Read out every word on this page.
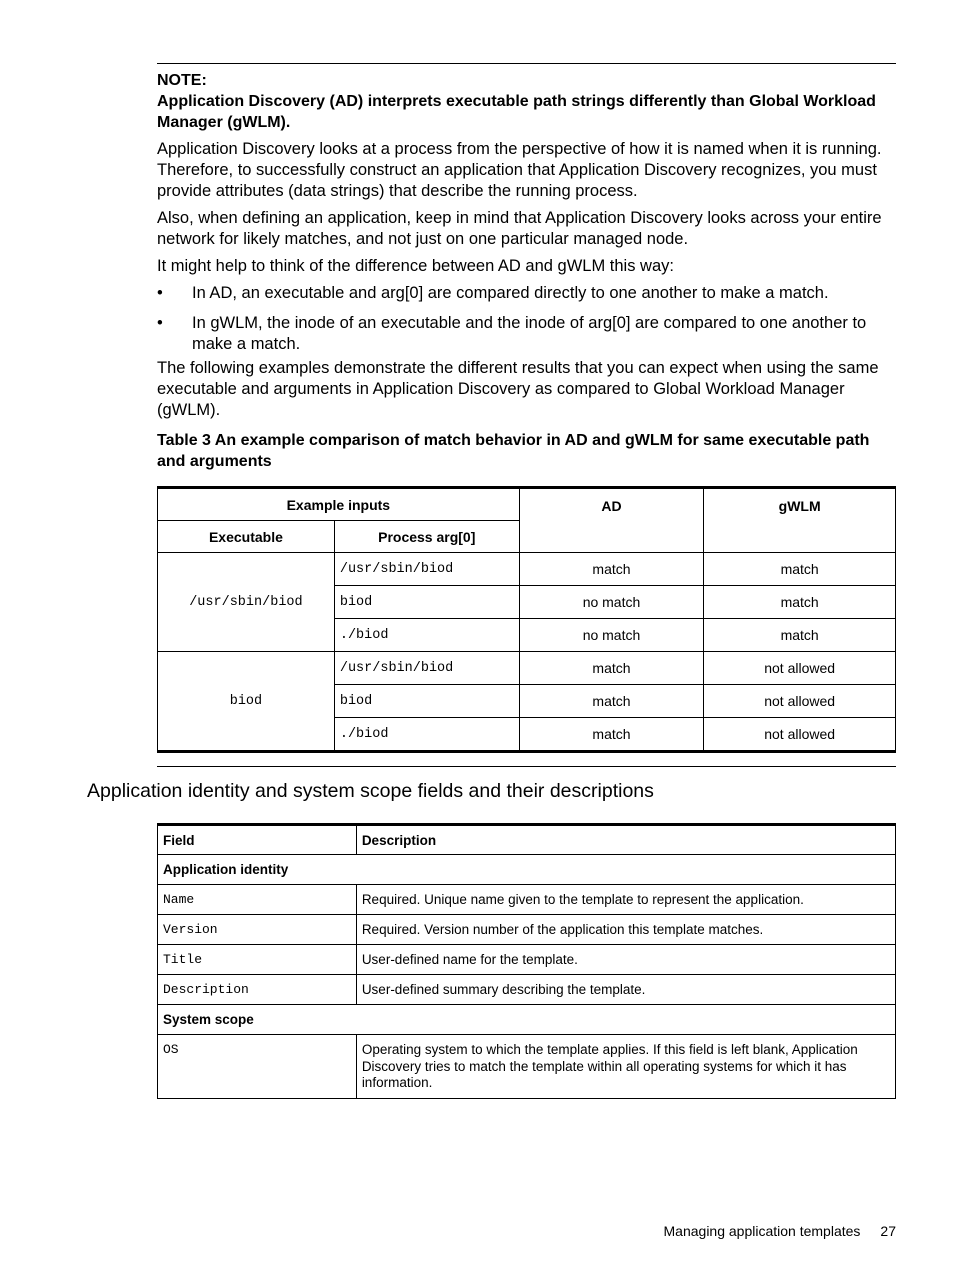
NOTE:
Application Discovery (AD) interprets executable path strings differently than Global Workload Manager (gWLM).

Application Discovery looks at a process from the perspective of how it is named when it is running. Therefore, to successfully construct an application that Application Discovery recognizes, you must provide attributes (data strings) that describe the running process.

Also, when defining an application, keep in mind that Application Discovery looks across your entire network for likely matches, and not just on one particular managed node.

It might help to think of the difference between AD and gWLM this way:

• In AD, an executable and arg[0] are compared directly to one another to make a match.
• In gWLM, the inode of an executable and the inode of arg[0] are compared to one another to make a match.

The following examples demonstrate the different results that you can expect when using the same executable and arguments in Application Discovery as compared to Global Workload Manager (gWLM).

Table 3 An example comparison of match behavior in AD and gWLM for same executable path and arguments
Example inputs		AD	gWLM
Executable	Process arg[0]		
/usr/sbin/biod	/usr/sbin/biod	match	match
	biod	no match	match
	./biod	no match	match
biod	/usr/sbin/biod	match	not allowed
	biod	match	not allowed
	./biod	match	not allowed
Application identity and system scope fields and their descriptions
Field	Description
Application identity	
Name	Required. Unique name given to the template to represent the application.
Version	Required. Version number of the application this template matches.
Title	User-defined name for the template.
Description	User-defined summary describing the template.
System scope	
OS	Operating system to which the template applies. If this field is left blank, Application Discovery tries to match the template within all operating systems for which it has information.
Managing application templates 27
